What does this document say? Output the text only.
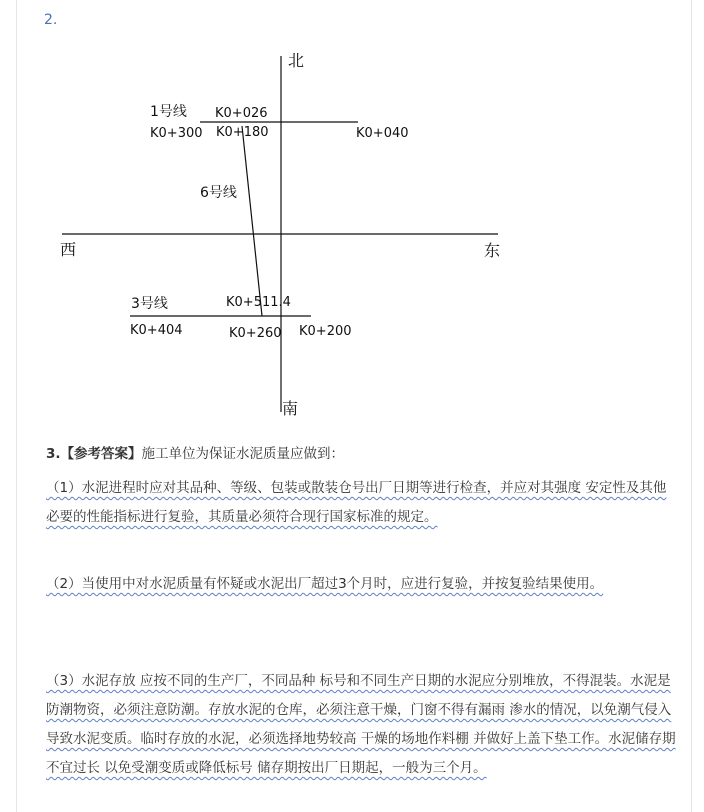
2.
北
西	东
南
1号线
6号线
3号线
K0+026
K0+300 K0+180	K0+040
K0+511.4
K0+404	K0+260 K0+200
3.【参考答案】施工单位为保证水泥质量应做到：
（1）水泥进程时应对其品种、等级、包装或散装仓号出厂日期等进行检查，并应对其强度 安定性及其他必要的性能指标进行复验，其质量必须符合现行国家标准的规定。
（2）当使用中对水泥质量有怀疑或水泥出厂超过3个月时，应进行复验，并按复验结果使用。
（3）水泥存放 应按不同的生产厂，不同品种 标号和不同生产日期的水泥应分别堆放，不得混装。水泥是防潮物资，必须注意防潮。存放水泥的仓库，必须注意干燥，门窗不得有漏雨 渗水的情况，以免潮气侵入 导致水泥变质。临时存放的水泥，必须选择地势较高 干燥的场地作料棚 并做好上盖下垫工作。水泥储存期不宜过长 以免受潮变质或降低标号 储存期按出厂日期起，一般为三个月。
